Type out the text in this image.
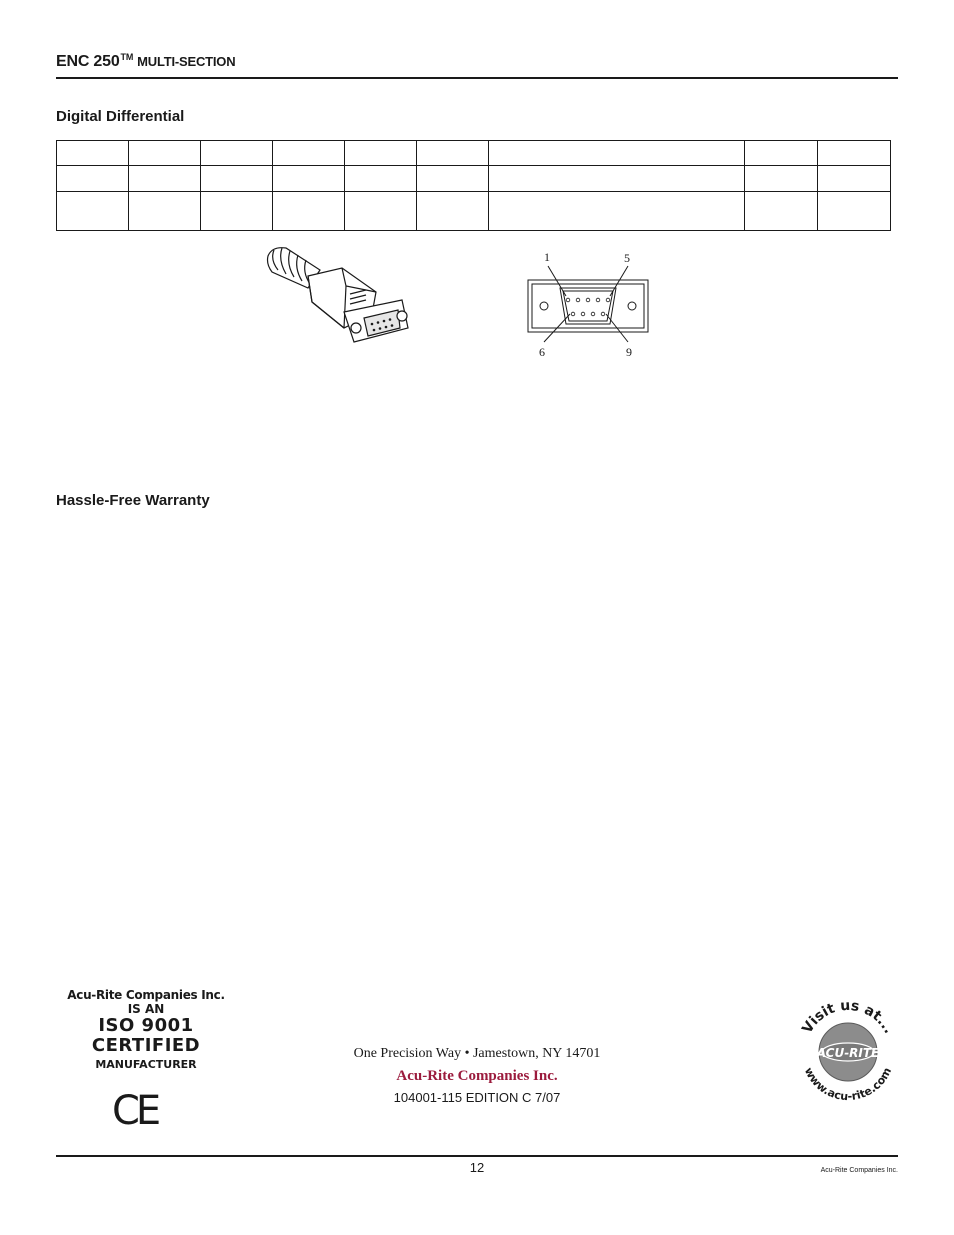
ENC 250™ MULTI-SECTION
Digital Differential

1	5
6	9
Hassle-Free Warranty
Acu-Rite Companies Inc.
IS AN
ISO 9001
CERTIFIED
MANUFACTURER
CE
One Precision Way • Jamestown, NY 14701
Acu-Rite Companies Inc.
104001-115 EDITION C 7/07
Visit us at...
ACU-RITE
www.acu-rite.com
12	Acu-Rite Companies Inc.
